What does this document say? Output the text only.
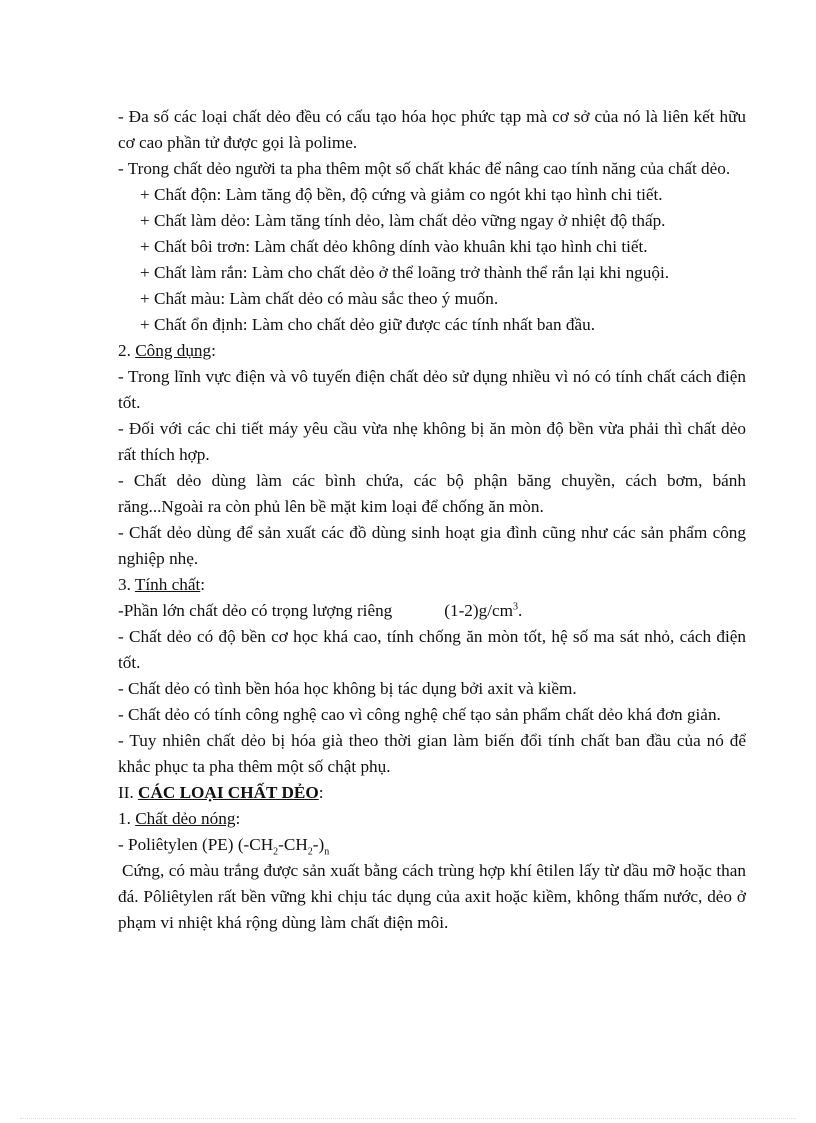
- Đa số các loại chất dẻo đều có cấu tạo hóa học phức tạp mà cơ sở của nó là liên kết hữu cơ cao phần tử được gọi là polime.

- Trong chất dẻo người ta pha thêm một số chất khác để nâng cao tính năng của chất dẻo.

+ Chất độn: Làm tăng độ bền, độ cứng và giảm co ngót khi tạo hình chi tiết.

+ Chất làm dẻo: Làm tăng tính dẻo, làm chất dẻo vững ngay ở nhiệt độ thấp.

+ Chất bôi trơn: Làm chất dẻo không dính vào khuân khi tạo hình chi tiết.

+ Chất làm rắn: Làm cho chất dẻo ở thể loãng trở thành thể rắn lại khi nguội.

+ Chất màu: Làm chất dẻo có màu sắc theo ý muốn.

+ Chất ổn định: Làm cho chất dẻo giữ được các tính nhất ban đầu.

2. Công dụng:

- Trong lĩnh vực điện và vô tuyến điện chất dẻo sử dụng nhiều vì nó có tính chất cách điện tốt.

- Đối với các chi tiết máy yêu cầu vừa nhẹ không bị ăn mòn độ bền vừa phải thì chất dẻo rất thích hợp.

- Chất dẻo dùng làm các bình chứa, các bộ phận băng chuyền, cách bơm, bánh răng...Ngoài ra còn phủ lên bề mặt kim loại để chống ăn mòn.

- Chất dẻo dùng để sản xuất các đồ dùng sinh hoạt gia đình cũng như các sản phẩm công nghiệp nhẹ.

3. Tính chất:

-Phần lớn chất dẻo có trọng lượng riêng	$(1-2)g/cm^3$.

- Chất dẻo có độ bền cơ học khá cao, tính chống ăn mòn tốt, hệ số ma sát nhỏ, cách điện tốt.

- Chất dẻo có tình bền hóa học không bị tác dụng bởi axit và kiềm.

- Chất dẻo có tính công nghệ cao vì công nghệ chế tạo sản phẩm chất dẻo khá đơn giản.

- Tuy nhiên chất dẻo bị hóa già theo thời gian làm biến đổi tính chất ban đầu của nó để khắc phục ta pha thêm một số chật phụ.

II. CÁC LOẠI CHẤT DẺO:

1. Chất dẻo nóng:

- Poliêtylen (PE) $(-CH_2-CH_2-)_n$

Cứng, có màu trắng được sản xuất bằng cách trùng hợp khí êtilen lấy từ dầu mỡ hoặc than đá. Pôliêtylen rất bền vững khi chịu tác dụng của axit hoặc kiềm, không thấm nước, dẻo ở phạm vi nhiệt khá rộng dùng làm chất điện môi.
